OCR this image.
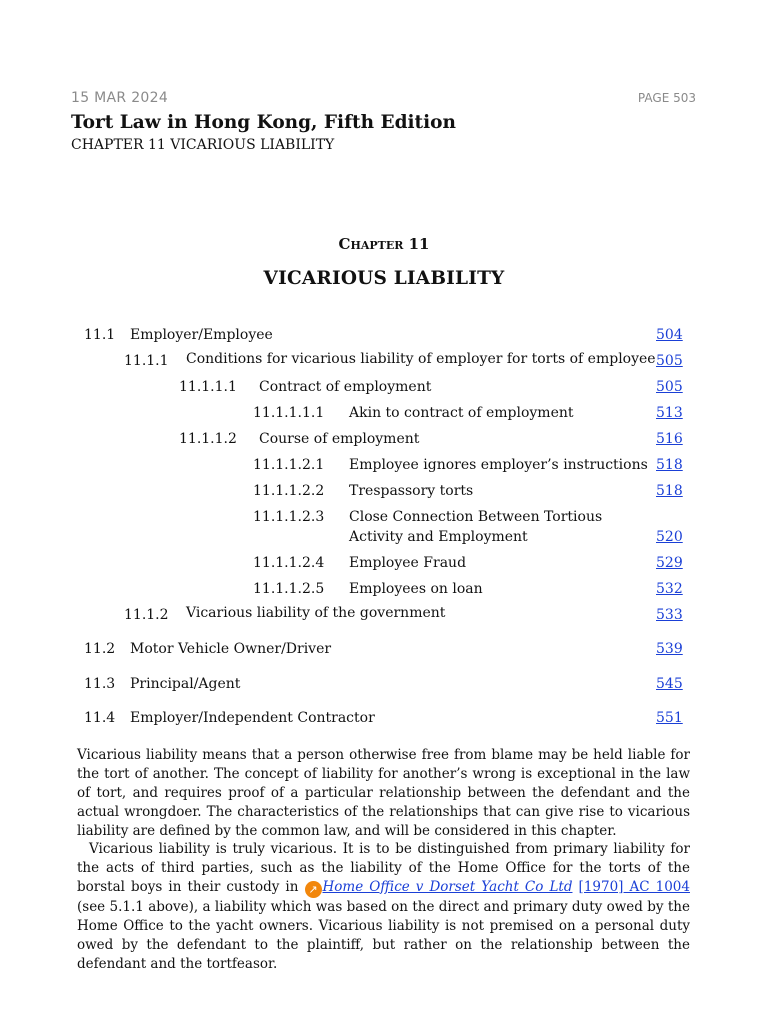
15 MAR 2024	PAGE 503
Tort Law in Hong Kong, Fifth Edition
CHAPTER 11 VICARIOUS LIABILITY
Chapter 11
VICARIOUS LIABILITY
11.1 Employer/Employee	504
11.1.1 Conditions for vicarious liability of employer for torts of employee 505
11.1.1.1 Contract of employment	505
11.1.1.1.1 Akin to contract of employment	513
11.1.1.2 Course of employment	516
11.1.1.2.1 Employee ignores employer’s instructions 518
11.1.1.2.2 Trespassory torts	518
11.1.1.2.3 Close Connection Between Tortious
Activity and Employment	520
11.1.1.2.4 Employee Fraud	529
11.1.1.2.5 Employees on loan	532
11.1.2 Vicarious liability of the government	533
11.2 Motor Vehicle Owner/Driver	539
11.3 Principal/Agent	545
11.4 Employer/Independent Contractor	551

Vicarious liability means that a person otherwise free from blame may be held liable for the tort of another. The concept of liability for another’s wrong is exceptional in the law of tort, and requires proof of a particular relationship between the defendant and the actual wrongdoer. The characteristics of the relationships that can give rise to vicarious liability are defined by the common law, and will be considered in this chapter.

Vicarious liability is truly vicarious. It is to be distinguished from primary liability for the acts of third parties, such as the liability of the Home Office for the torts of the borstal boys in their custody in ↗ Home Office v Dorset Yacht Co Ltd [1970] AC 1004 (see 5.1.1 above), a liability which was based on the direct and primary duty owed by the Home Office to the yacht owners. Vicarious liability is not premised on a personal duty owed by the defendant to the plaintiff, but rather on the relationship between the defendant and the tortfeasor.
